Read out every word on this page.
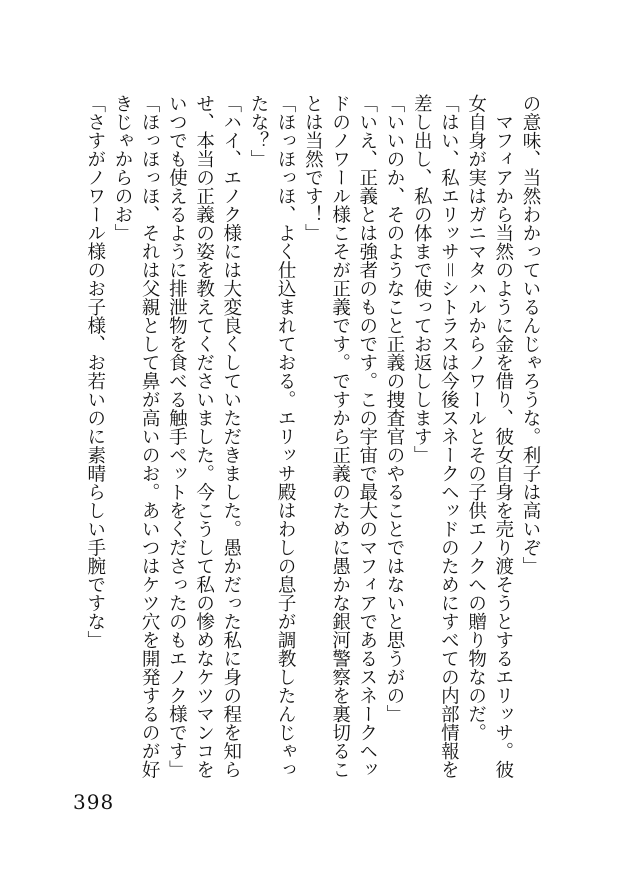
の意味、当然わかっているんじゃろうな。利子は高いぞ」
　マフィアから当然のように金を借り、彼女自身を売り渡そうとするエリッサ。彼
女自身が実はガニマタハルからノワールとその子供エノクへの贈り物なのだ。
「はい、私エリッサ＝シトラスは今後スネークヘッドのためにすべての内部情報を
差し出し、私の体まで使ってお返しします」
「いいのか、そのようなこと正義の捜査官のやることではないと思うがの」
「いえ、正義とは強者のものです。この宇宙で最大のマフィアであるスネークヘッ
ドのノワール様こそが正義です。ですから正義のために愚かな銀河警察を裏切るこ
とは当然です！」
「ほっほっほ、よく仕込まれておる。エリッサ殿はわしの息子が調教したんじゃっ
たな？」
「ハイ、エノク様には大変良くしていただきました。愚かだった私に身の程を知ら
せ、本当の正義の姿を教えてくださいました。今こうして私の惨めなケツマンコを
いつでも使えるように排泄物を食べる触手ペットをくださったのもエノク様です」
「ほっほっほ、それは父親として鼻が高いのお。あいつはケツ穴を開発するのが好
きじゃからのお」
「さすがノワール様のお子様、お若いのに素晴らしい手腕ですな」
398
